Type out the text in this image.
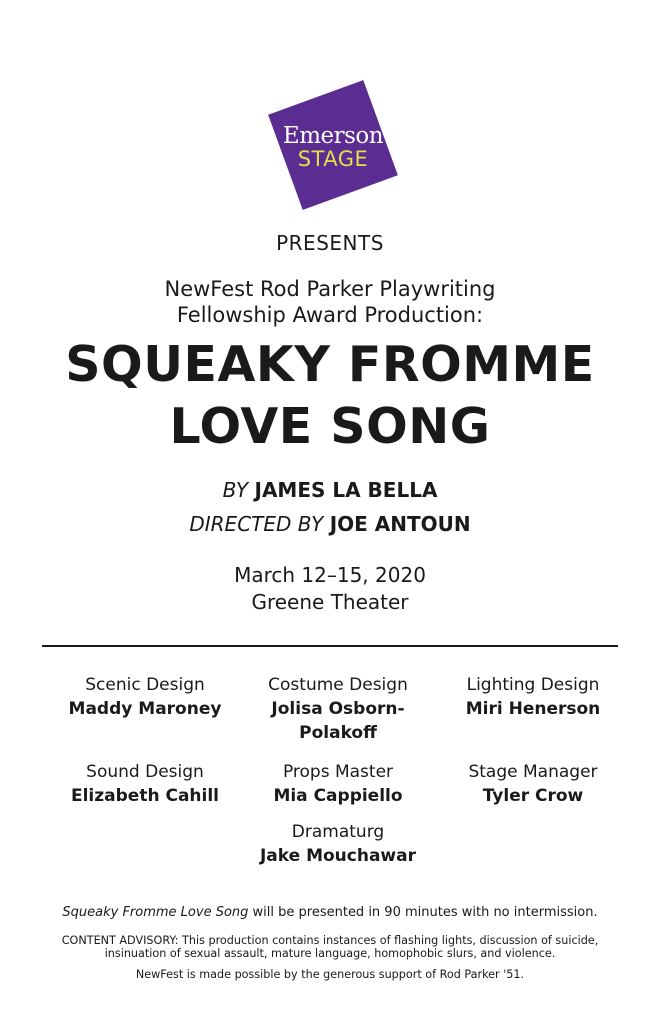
Emerson
STAGE
PRESENTS
NewFest Rod Parker Playwriting
Fellowship Award Production:
SQUEAKY FROMME
LOVE SONG
BY JAMES LA BELLA
DIRECTED BY JOE ANTOUN
March 12–15, 2020
Greene Theater
Scenic Design
Maddy Maroney
Costume Design
Jolisa Osborn-
Polakoff
Lighting Design
Miri Henerson
Sound Design
Elizabeth Cahill
Props Master
Mia Cappiello
Stage Manager
Tyler Crow
Dramaturg
Jake Mouchawar
Squeaky Fromme Love Song will be presented in 90 minutes with no intermission.
CONTENT ADVISORY: This production contains instances of flashing lights, discussion of suicide,
insinuation of sexual assault, mature language, homophobic slurs, and violence.
NewFest is made possible by the generous support of Rod Parker '51.
